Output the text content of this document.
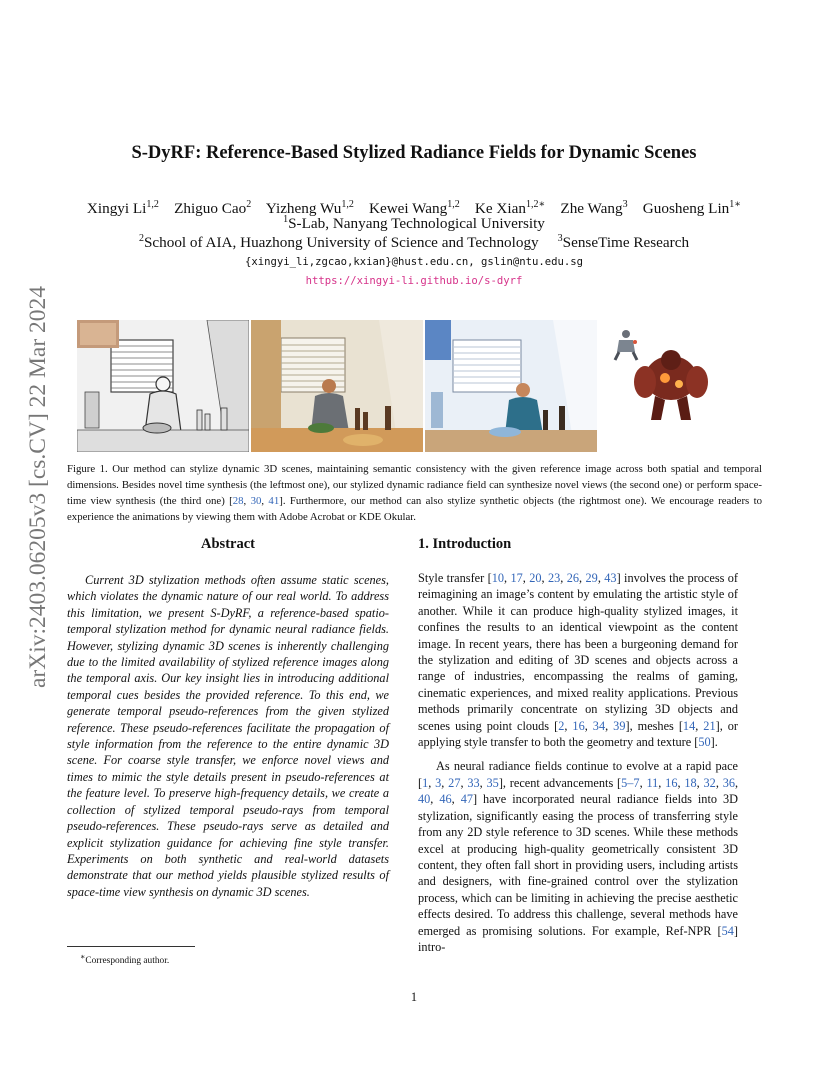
arXiv:2403.06205v3 [cs.CV] 22 Mar 2024
S-DyRF: Reference-Based Stylized Radiance Fields for Dynamic Scenes
Xingyi Li$^{1,2}$ Zhiguo Cao$^2$ Yizheng Wu$^{1,2}$ Kewei Wang$^{1,2}$ Ke Xian$^{1,2∗}$ Zhe Wang$^3$ Guosheng Lin$^{1∗}$
$^1$S-Lab, Nanyang Technological University
$^2$School of AIA, Huazhong University of Science and Technology $^3$SenseTime Research
{xingyi_li,zgcao,kxian}@hust.edu.cn, gslin@ntu.edu.sg
https://xingyi-li.github.io/s-dyrf
Figure 1. Our method can stylize dynamic 3D scenes, maintaining semantic consistency with the given reference image across both spatial and temporal dimensions. Besides novel time synthesis (the leftmost one), our stylized dynamic radiance field can synthesize novel views (the second one) or perform space-time view synthesis (the third one) [28, 30, 41]. Furthermore, our method can also stylize synthetic objects (the rightmost one). We encourage readers to experience the animations by viewing them with Adobe Acrobat or KDE Okular.
Abstract	1. Introduction
Current 3D stylization methods often assume static scenes, which violates the dynamic nature of our real world. To address this limitation, we present S-DyRF, a reference-based spatio-temporal stylization method for dynamic neural radiance fields. However, stylizing dynamic 3D scenes is inherently challenging due to the limited availability of stylized reference images along the temporal axis. Our key insight lies in introducing additional temporal cues besides the provided reference. To this end, we generate temporal pseudo-references from the given stylized reference. These pseudo-references facilitate the propagation of style information from the reference to the entire dynamic 3D scene. For coarse style transfer, we enforce novel views and times to mimic the style details present in pseudo-references at the feature level. To preserve high-frequency details, we create a collection of stylized temporal pseudo-rays from temporal pseudo-references. These pseudo-rays serve as detailed and explicit stylization guidance for achieving fine style transfer. Experiments on both synthetic and real-world datasets demonstrate that our method yields plausible stylized results of space-time view synthesis on dynamic 3D scenes.

Style transfer [10, 17, 20, 23, 26, 29, 43] involves the process of reimagining an image’s content by emulating the artistic style of another. While it can produce high-quality stylized images, it confines the results to an identical viewpoint as the content image. In recent years, there has been a burgeoning demand for the stylization and editing of 3D scenes and objects across a range of industries, encompassing the realms of gaming, cinematic experiences, and mixed reality applications. Previous methods primarily concentrate on stylizing 3D objects and scenes using point clouds [2, 16, 34, 39], meshes [14, 21], or applying style transfer to both the geometry and texture [50].

As neural radiance fields continue to evolve at a rapid pace [1, 3, 27, 33, 35], recent advancements [5–7, 11, 16, 18, 32, 36, 40, 46, 47] have incorporated neural radiance fields into 3D stylization, significantly easing the process of transferring style from any 2D style reference to 3D scenes. While these methods excel at producing high-quality geometrically consistent 3D content, they often fall short in providing users, including artists and designers, with fine-grained control over the stylization process, which can be limiting in achieving the precise aesthetic effects desired. To address this challenge, several methods have emerged as promising solutions. For example, Ref-NPR [54] intro-

∗Corresponding author.
1
